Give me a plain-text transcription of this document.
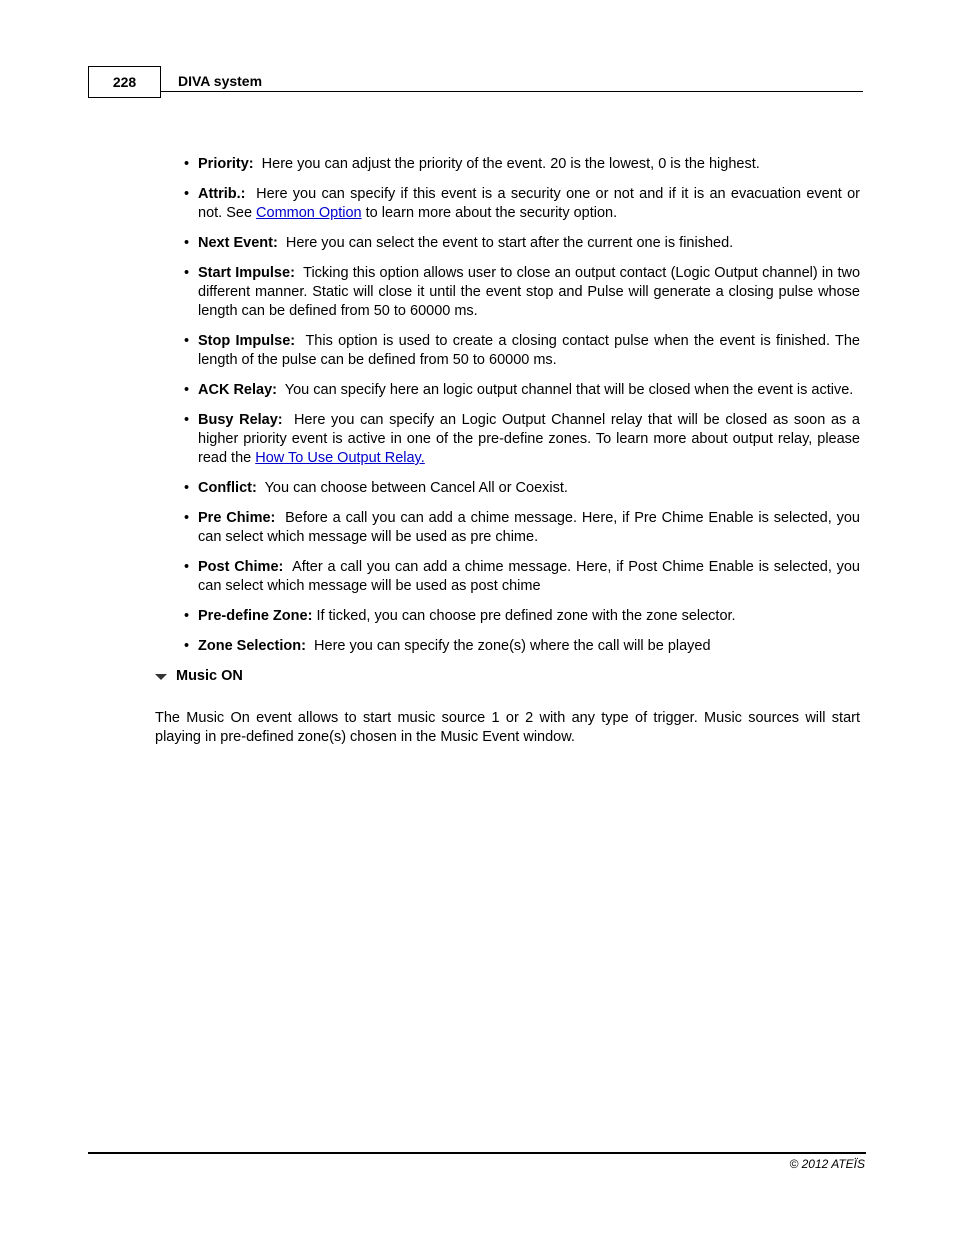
228	DIVA system
• Priority: Here you can adjust the priority of the event. 20 is the lowest, 0 is the highest.
• Attrib.: Here you can specify if this event is a security one or not and if it is an evacuation event or not. See Common Option to learn more about the security option.
• Next Event: Here you can select the event to start after the current one is finished.
• Start Impulse: Ticking this option allows user to close an output contact (Logic Output channel) in two different manner. Static will close it until the event stop and Pulse will generate a closing pulse whose length can be defined from 50 to 60000 ms.
• Stop Impulse: This option is used to create a closing contact pulse when the event is finished. The length of the pulse can be defined from 50 to 60000 ms.
• ACK Relay: You can specify here an logic output channel that will be closed when the event is active.
• Busy Relay: Here you can specify an Logic Output Channel relay that will be closed as soon as a higher priority event is active in one of the pre-define zones. To learn more about output relay, please read the How To Use Output Relay.
• Conflict: You can choose between Cancel All or Coexist.
• Pre Chime: Before a call you can add a chime message. Here, if Pre Chime Enable is selected, you can select which message will be used as pre chime.
• Post Chime: After a call you can add a chime message. Here, if Post Chime Enable is selected, you can select which message will be used as post chime
• Pre-define Zone: If ticked, you can choose pre defined zone with the zone selector.
• Zone Selection: Here you can specify the zone(s) where the call will be played
Music ON
The Music On event allows to start music source 1 or 2 with any type of trigger. Music sources will start playing in pre-defined zone(s) chosen in the Music Event window.
© 2012 ATEÏS
